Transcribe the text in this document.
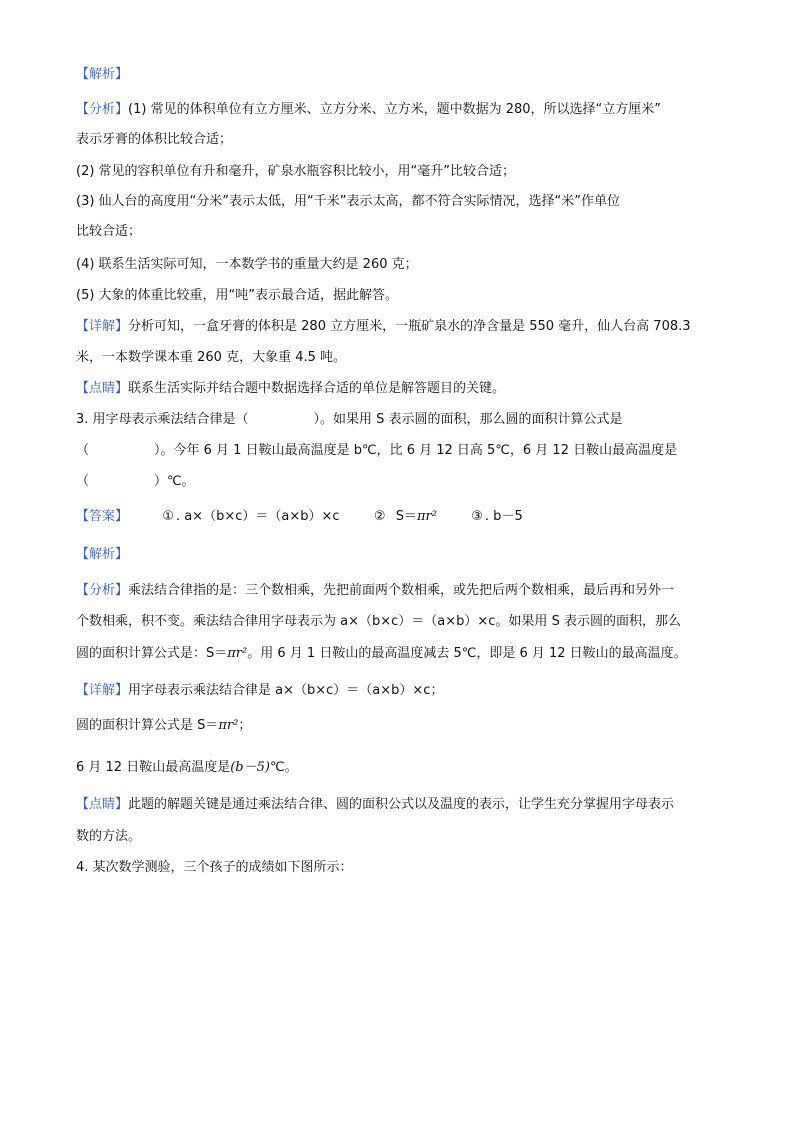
【解析】
【分析】(1) 常见的体积单位有立方厘米、立方分米、立方米，题中数据为 280，所以选择“立方厘米”
表示牙膏的体积比较合适；
(2) 常见的容积单位有升和毫升，矿泉水瓶容积比较小，用“毫升”比较合适；
(3) 仙人台的高度用“分米”表示太低，用“千米”表示太高，都不符合实际情况，选择“米”作单位
比较合适；
(4) 联系生活实际可知，一本数学书的重量大约是 260 克；
(5) 大象的体重比较重，用“吨”表示最合适，据此解答。
【详解】分析可知，一盒牙膏的体积是 280 立方厘米，一瓶矿泉水的净含量是 550 毫升，仙人台高 708.3
米，一本数学课本重 260 克，大象重 4.5 吨。
【点睛】联系生活实际并结合题中数据选择合适的单位是解答题目的关键。
3. 用字母表示乘法结合律是（　　　　　）。如果用 S 表示圆的面积，那么圆的面积计算公式是
（　　　　　）。今年 6 月 1 日鞍山最高温度是 b℃，比 6 月 12 日高 5℃，6 月 12 日鞍山最高温度是
（　　　　　）℃。
【答案】	① . a×（b×c）＝（a×b）×c	② S＝πr²	③ . b－5
【解析】
【分析】乘法结合律指的是：三个数相乘，先把前面两个数相乘，或先把后两个数相乘，最后再和另外一
个数相乘，积不变。乘法结合律用字母表示为 a×（b×c）＝（a×b）×c。如果用 S 表示圆的面积，那么
圆的面积计算公式是：S＝πr²。用 6 月 1 日鞍山的最高温度减去 5℃，即是 6 月 12 日鞍山的最高温度。
【详解】用字母表示乘法结合律是 a×（b×c）＝（a×b）×c；
圆的面积计算公式是 S＝πr²；
6 月 12 日鞍山最高温度是(b－5)℃。
【点睛】此题的解题关键是通过乘法结合律、圆的面积公式以及温度的表示，让学生充分掌握用字母表示
数的方法。
4. 某次数学测验，三个孩子的成绩如下图所示：
